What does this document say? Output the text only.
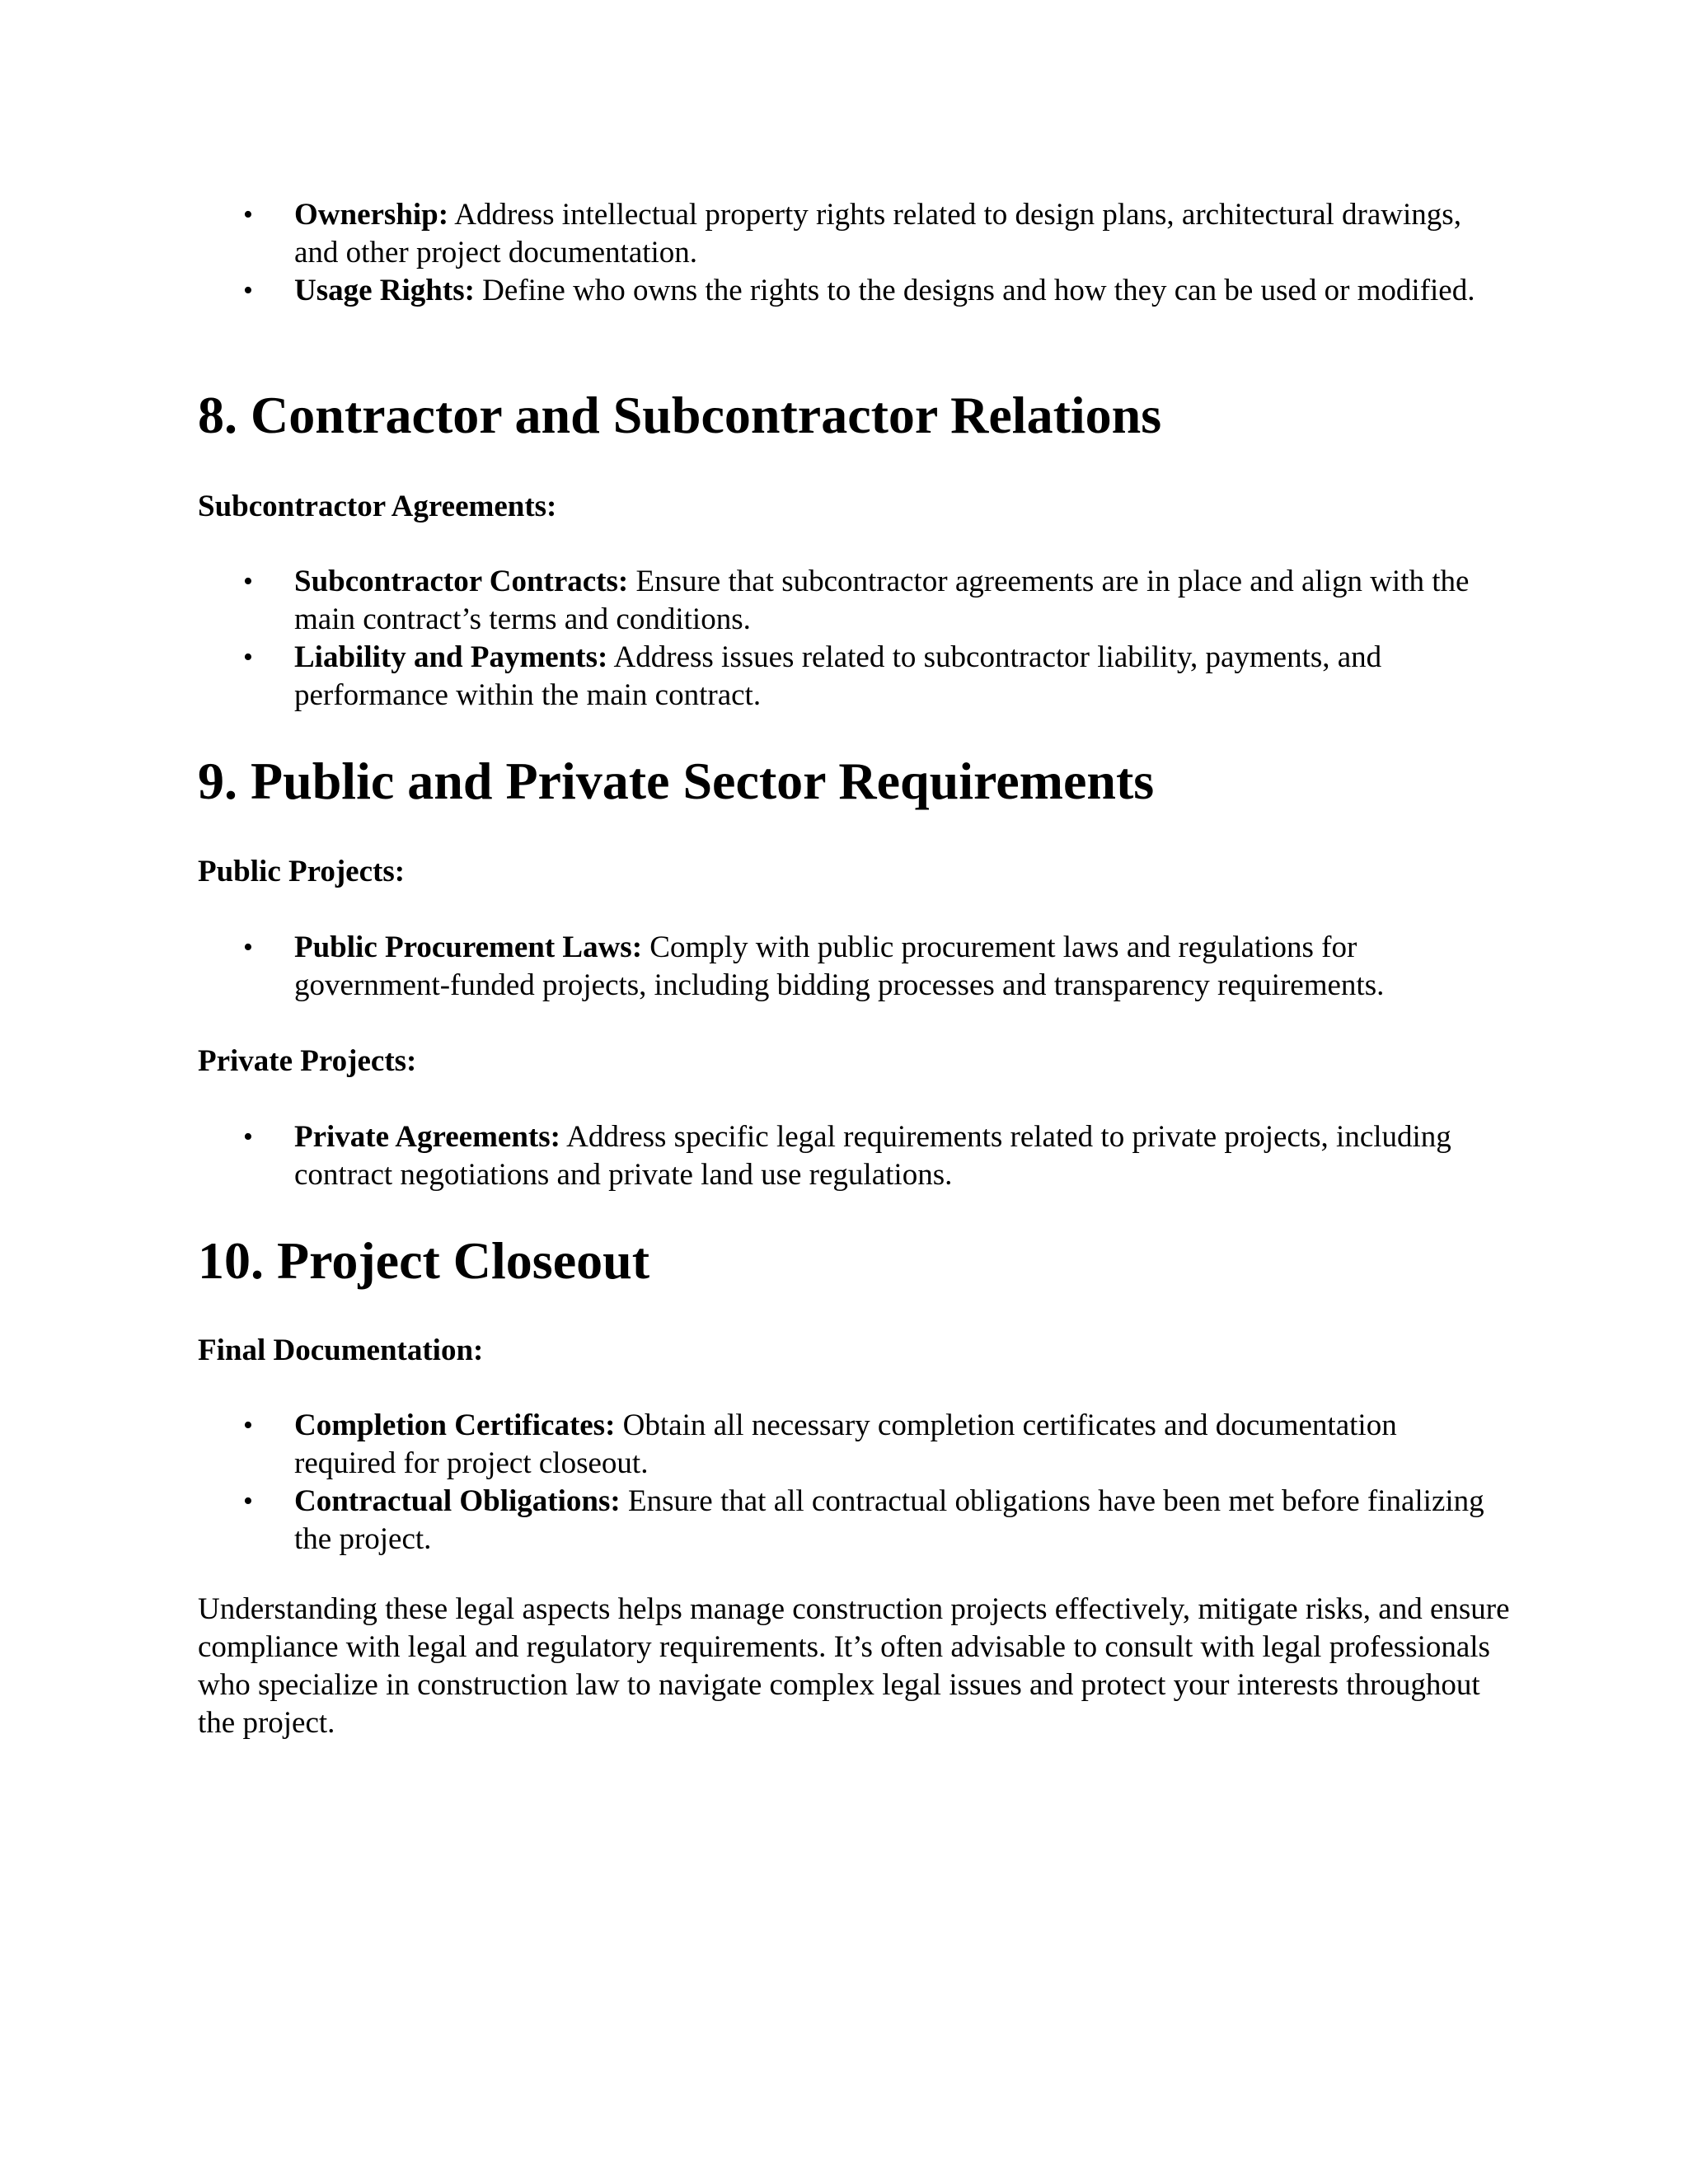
•	Ownership: Address intellectual property rights related to design plans, architectural drawings, and other project documentation.
•	Usage Rights: Define who owns the rights to the designs and how they can be used or modified.
8. Contractor and Subcontractor Relations
Subcontractor Agreements:
•	Subcontractor Contracts: Ensure that subcontractor agreements are in place and align with the main contract’s terms and conditions.
•	Liability and Payments: Address issues related to subcontractor liability, payments, and performance within the main contract.
9. Public and Private Sector Requirements
Public Projects:
•	Public Procurement Laws: Comply with public procurement laws and regulations for government-funded projects, including bidding processes and transparency requirements.
Private Projects:
•	Private Agreements: Address specific legal requirements related to private projects, including contract negotiations and private land use regulations.
10. Project Closeout
Final Documentation:
•	Completion Certificates: Obtain all necessary completion certificates and documentation required for project closeout.
•	Contractual Obligations: Ensure that all contractual obligations have been met before finalizing the project.

Understanding these legal aspects helps manage construction projects effectively, mitigate risks, and ensure compliance with legal and regulatory requirements. It’s often advisable to consult with legal professionals who specialize in construction law to navigate complex legal issues and protect your interests throughout the project.
